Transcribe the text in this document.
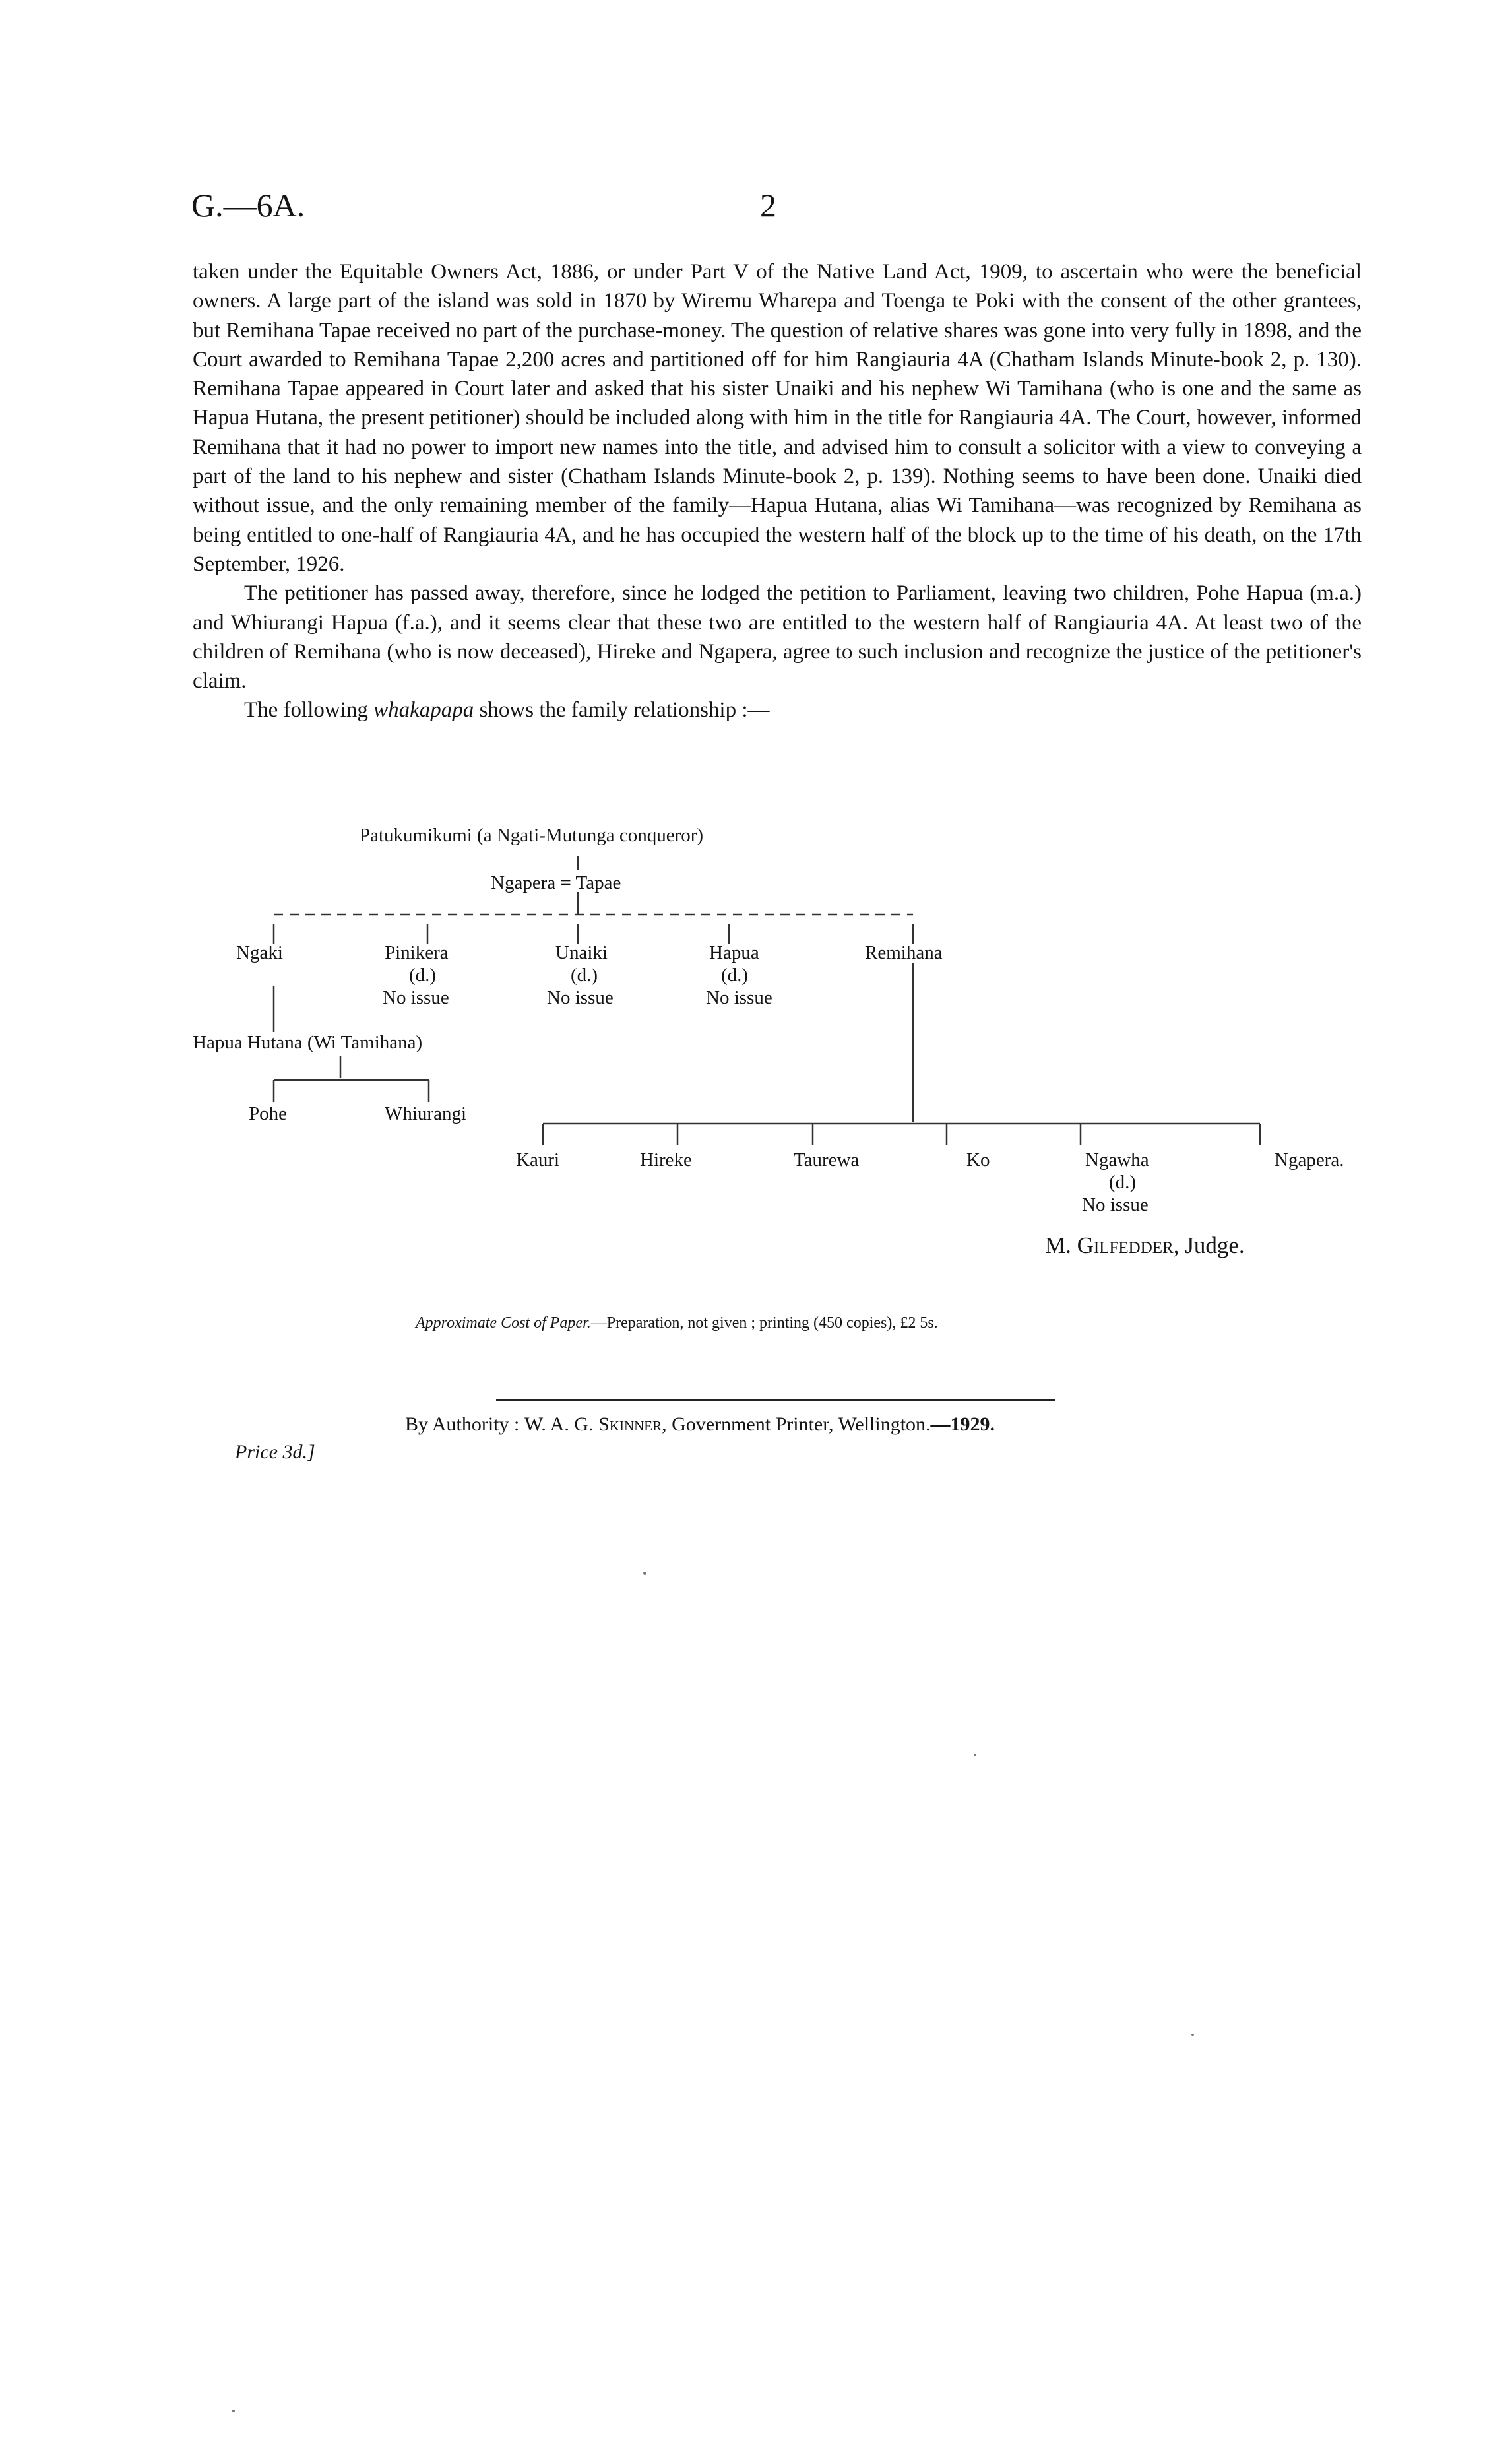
G.—6A.	2

taken under the Equitable Owners Act, 1886, or under Part V of the Native Land Act, 1909, to ascertain who were the beneficial owners. A large part of the island was sold in 1870 by Wiremu Wharepa and Toenga te Poki with the consent of the other grantees, but Remihana Tapae received no part of the purchase-money. The question of relative shares was gone into very fully in 1898, and the Court awarded to Remihana Tapae 2,200 acres and partitioned off for him Rangiauria 4A (Chatham Islands Minute-book 2, p. 130). Remihana Tapae appeared in Court later and asked that his sister Unaiki and his nephew Wi Tamihana (who is one and the same as Hapua Hutana, the present petitioner) should be included along with him in the title for Rangiauria 4A. The Court, however, informed Remihana that it had no power to import new names into the title, and advised him to consult a solicitor with a view to conveying a part of the land to his nephew and sister (Chatham Islands Minute-book 2, p. 139). Nothing seems to have been done. Unaiki died without issue, and the only remaining member of the family—Hapua Hutana, alias Wi Tamihana—was recognized by Remihana as being entitled to one-half of Rangiauria 4A, and he has occupied the western half of the block up to the time of his death, on the 17th September, 1926.

The petitioner has passed away, therefore, since he lodged the petition to Parliament, leaving two children, Pohe Hapua (m.a.) and Whiurangi Hapua (f.a.), and it seems clear that these two are entitled to the western half of Rangiauria 4A. At least two of the children of Remihana (who is now deceased), Hireke and Ngapera, agree to such inclusion and recognize the justice of the petitioner's claim.

The following whakapapa shows the family relationship :—

Patukumikumi (a Ngati-Mutunga conqueror)
Ngapera = Tapae
Ngaki	Pinikera
(d.)
No issue
Unaiki
(d.)
No issue
Hapua
(d.)
No issue
Remihana
Hapua Hutana (Wi Tamihana)
Pohe	Whiurangi
Kauri	Hireke	Taurewa	Ko	Ngawha
(d.)
No issue
Ngapera.
M. Gilfedder, Judge.
Approximate Cost of Paper.—Preparation, not given ; printing (450 copies), £2 5s.
By Authority : W. A. G. Skinner, Government Printer, Wellington.—1929.
Price 3d.]
